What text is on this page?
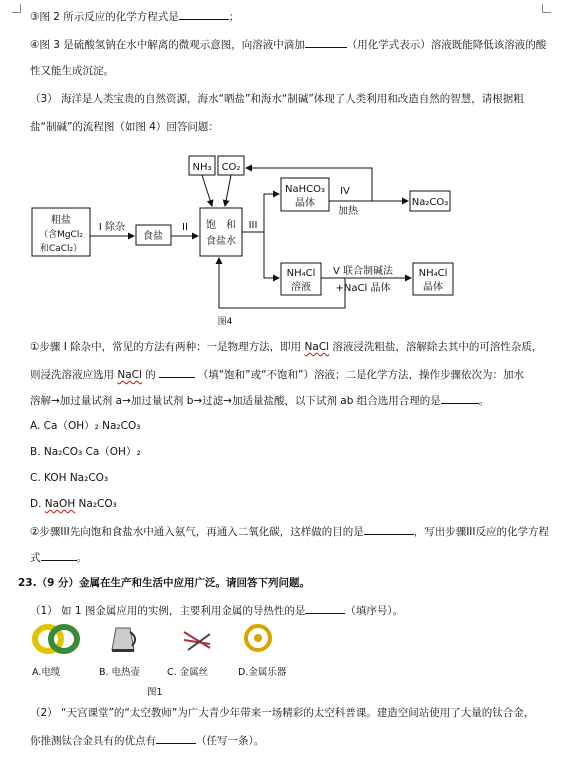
③图 2 所示反应的化学方程式是	；
④图 3 是硫酸氢钠在水中解离的微观示意图，向溶液中滴加	（用化学式表示）溶液既能降低该溶液的酸
性又能生成沉淀。
（3） 海洋是人类宝贵的自然资源，海水“晒盐”和海水“制碱”体现了人类利用和改造自然的智慧，请根据粗
盐“制碱”的流程图（如图 4）回答问题：
NH₃ CO₂
粗盐
（含MgCl₂
和CaCl₂）
I 除杂
食盐
II 饱　和
食盐水
III
NaHCO₃
晶体
IV
加热
Na₂CO₃
NH₄Cl
溶液
V 联合制碱法
+NaCl 晶体
NH₄Cl
晶体
图4
①步骤 I 除杂中，常见的方法有两种：一是物理方法，即用 NaCl 溶液浸洗粗盐，溶解除去其中的可溶性杂质，
则浸洗溶液应选用 NaCl 的	（填“饱和”或“不饱和”）溶液；二是化学方法，操作步骤依次为：加水
溶解→加过量试剂 a→加过量试剂 b→过滤→加适量盐酸，以下试剂 ab 组合选用合理的是	。
A. Ca（OH）₂ Na₂CO₃
B. Na₂CO₃ Ca（OH）₂
C. KOH Na₂CO₃
D. NaOH Na₂CO₃
②步骤III先向饱和食盐水中通入氨气，再通入二氧化碳，这样做的目的是	，写出步骤III反应的化学方程
式	。
23.（9 分）金属在生产和生活中应用广泛。请回答下列问题。
（1） 如 1 图金属应用的实例，主要利用金属的导热性的是	（填序号）。
A.电缆	B. 电热壶	C. 金属丝	D.金属乐器
图1
（2） “天宫课堂”的“太空教师”为广大青少年带来一场精彩的太空科普课。建造空间站使用了大量的钛合金，
你推测钛合金具有的优点有	（任写一条）。
